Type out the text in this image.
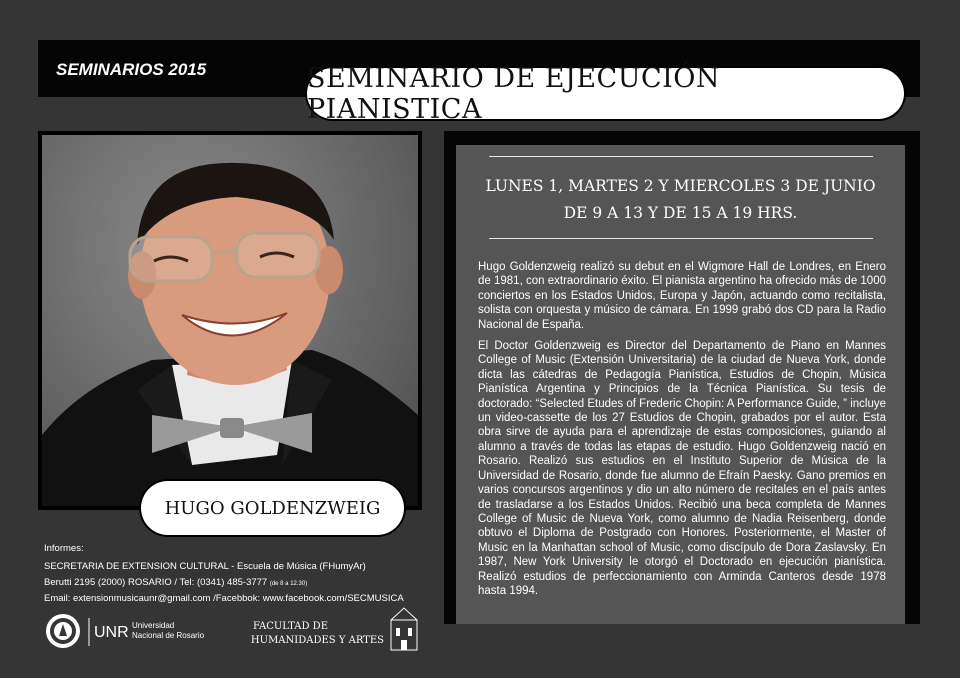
SEMINARIOS 2015	SEMINARIO DE EJECUCIÓN PIANISTICA
HUGO GOLDENZWEIG
LUNES 1, MARTES 2 Y MIERCOLES 3 DE JUNIO
DE 9 A 13 Y DE 15 A 19 HRS.

Hugo Goldenzweig realizó su debut en el Wigmore Hall de Londres, en Enero de 1981, con extraordinario éxito. El pianista argentino ha ofrecido más de 1000 conciertos en los Estados Unidos, Europa y Japón, actuando como recitalista, solista con orquesta y músico de cámara. En 1999 grabó dos CD para la Radio Nacional de España.

El Doctor Goldenzweig es Director del Departamento de Piano en Mannes College of Music (Extensión Universitaria) de la ciudad de Nueva York, donde dicta las cátedras de Pedagogía Pianística, Estudios de Chopin, Música Pianística Argentina y Principios de la Técnica Pianística. Su tesis de doctorado: “Selected Etudes of Frederic Chopin: A Performance Guide, ” incluye un video-cassette de los 27 Estudios de Chopin, grabados por el autor. Esta obra sirve de ayuda para el aprendizaje de estas composiciones, guiando al alumno a través de todas las etapas de estudio. Hugo Goldenzweig nació en Rosario. Realizó sus estudios en el Instituto Superior de Música de la Universidad de Rosario, donde fue alumno de Efraín Paesky. Gano premios en varios concursos argentinos y dio un alto número de recitales en el país antes de trasladarse a los Estados Unidos. Recibió una beca completa de Mannes College of Music de Nueva York, como alumno de Nadia Reisenberg, donde obtuvo el Diploma de Postgrado con Honores. Posteriormente, el Master of Music en la Manhattan school of Music, como discípulo de Dora Zaslavsky. En 1987, New York University le otorgó el Doctorado en ejecución pianística. Realizó estudios de perfeccionamiento con Arminda Canteros desde 1978 hasta 1994.

Informes:
SECRETARIA DE EXTENSION CULTURAL - Escuela de Música (FHumyAr)
Berutti 2195 (2000) ROSARIO / Tel: (0341) 485-3777 (de 8 a 12.30)
Email: extensionmusicaunr@gmail.com /Facebbok: www.facebook.com/SECMUSICA
UNR Universidad
Nacional de Rosario
FACULTAD DE
HUMANIDADES Y ARTES
